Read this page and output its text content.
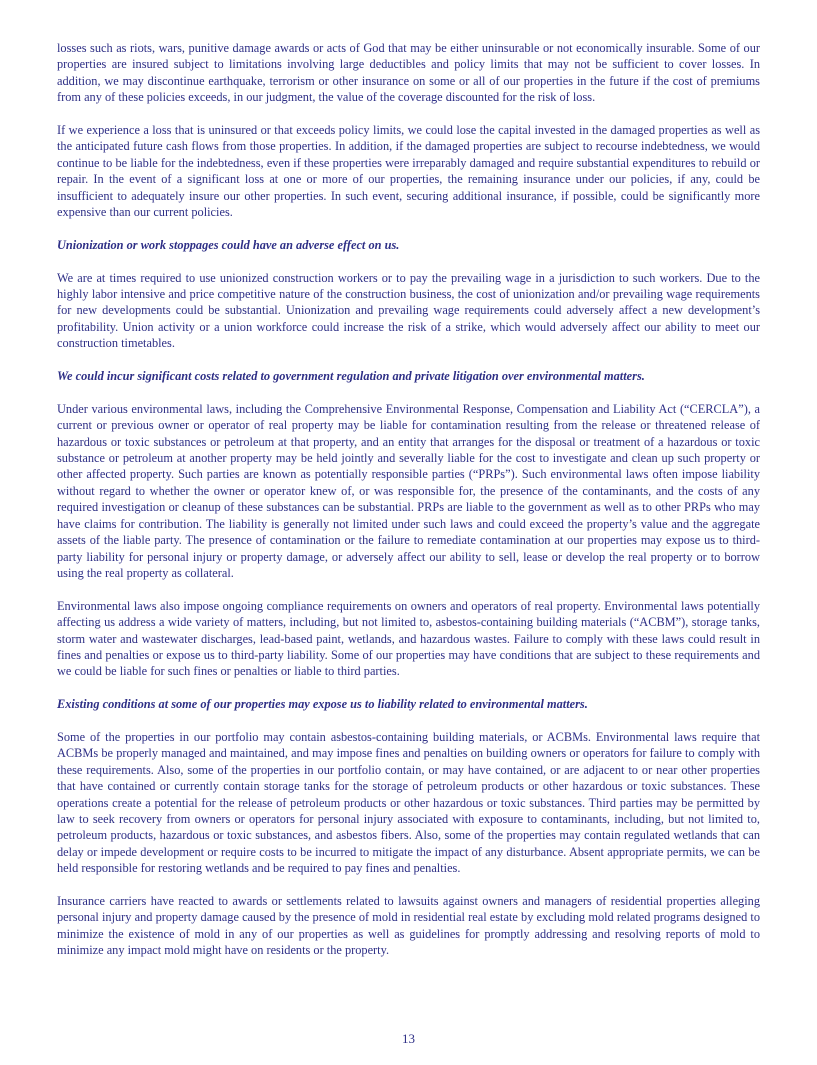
losses such as riots, wars, punitive damage awards or acts of God that may be either uninsurable or not economically insurable. Some of our properties are insured subject to limitations involving large deductibles and policy limits that may not be sufficient to cover losses. In addition, we may discontinue earthquake, terrorism or other insurance on some or all of our properties in the future if the cost of premiums from any of these policies exceeds, in our judgment, the value of the coverage discounted for the risk of loss.

If we experience a loss that is uninsured or that exceeds policy limits, we could lose the capital invested in the damaged properties as well as the anticipated future cash flows from those properties. In addition, if the damaged properties are subject to recourse indebtedness, we would continue to be liable for the indebtedness, even if these properties were irreparably damaged and require substantial expenditures to rebuild or repair. In the event of a significant loss at one or more of our properties, the remaining insurance under our policies, if any, could be insufficient to adequately insure our other properties. In such event, securing additional insurance, if possible, could be significantly more expensive than our current policies.

Unionization or work stoppages could have an adverse effect on us.

We are at times required to use unionized construction workers or to pay the prevailing wage in a jurisdiction to such workers. Due to the highly labor intensive and price competitive nature of the construction business, the cost of unionization and/or prevailing wage requirements for new developments could be substantial. Unionization and prevailing wage requirements could adversely affect a new development’s profitability. Union activity or a union workforce could increase the risk of a strike, which would adversely affect our ability to meet our construction timetables.

We could incur significant costs related to government regulation and private litigation over environmental matters.

Under various environmental laws, including the Comprehensive Environmental Response, Compensation and Liability Act (“CERCLA”), a current or previous owner or operator of real property may be liable for contamination resulting from the release or threatened release of hazardous or toxic substances or petroleum at that property, and an entity that arranges for the disposal or treatment of a hazardous or toxic substance or petroleum at another property may be held jointly and severally liable for the cost to investigate and clean up such property or other affected property. Such parties are known as potentially responsible parties (“PRPs”). Such environmental laws often impose liability without regard to whether the owner or operator knew of, or was responsible for, the presence of the contaminants, and the costs of any required investigation or cleanup of these substances can be substantial. PRPs are liable to the government as well as to other PRPs who may have claims for contribution. The liability is generally not limited under such laws and could exceed the property’s value and the aggregate assets of the liable party. The presence of contamination or the failure to remediate contamination at our properties may expose us to third-party liability for personal injury or property damage, or adversely affect our ability to sell, lease or develop the real property or to borrow using the real property as collateral.

Environmental laws also impose ongoing compliance requirements on owners and operators of real property. Environmental laws potentially affecting us address a wide variety of matters, including, but not limited to, asbestos-containing building materials (“ACBM”), storage tanks, storm water and wastewater discharges, lead-based paint, wetlands, and hazardous wastes. Failure to comply with these laws could result in fines and penalties or expose us to third-party liability. Some of our properties may have conditions that are subject to these requirements and we could be liable for such fines or penalties or liable to third parties.

Existing conditions at some of our properties may expose us to liability related to environmental matters.

Some of the properties in our portfolio may contain asbestos-containing building materials, or ACBMs. Environmental laws require that ACBMs be properly managed and maintained, and may impose fines and penalties on building owners or operators for failure to comply with these requirements. Also, some of the properties in our portfolio contain, or may have contained, or are adjacent to or near other properties that have contained or currently contain storage tanks for the storage of petroleum products or other hazardous or toxic substances. These operations create a potential for the release of petroleum products or other hazardous or toxic substances. Third parties may be permitted by law to seek recovery from owners or operators for personal injury associated with exposure to contaminants, including, but not limited to, petroleum products, hazardous or toxic substances, and asbestos fibers. Also, some of the properties may contain regulated wetlands that can delay or impede development or require costs to be incurred to mitigate the impact of any disturbance. Absent appropriate permits, we can be held responsible for restoring wetlands and be required to pay fines and penalties.

Insurance carriers have reacted to awards or settlements related to lawsuits against owners and managers of residential properties alleging personal injury and property damage caused by the presence of mold in residential real estate by excluding mold related programs designed to minimize the existence of mold in any of our properties as well as guidelines for promptly addressing and resolving reports of mold to minimize any impact mold might have on residents or the property.

13
